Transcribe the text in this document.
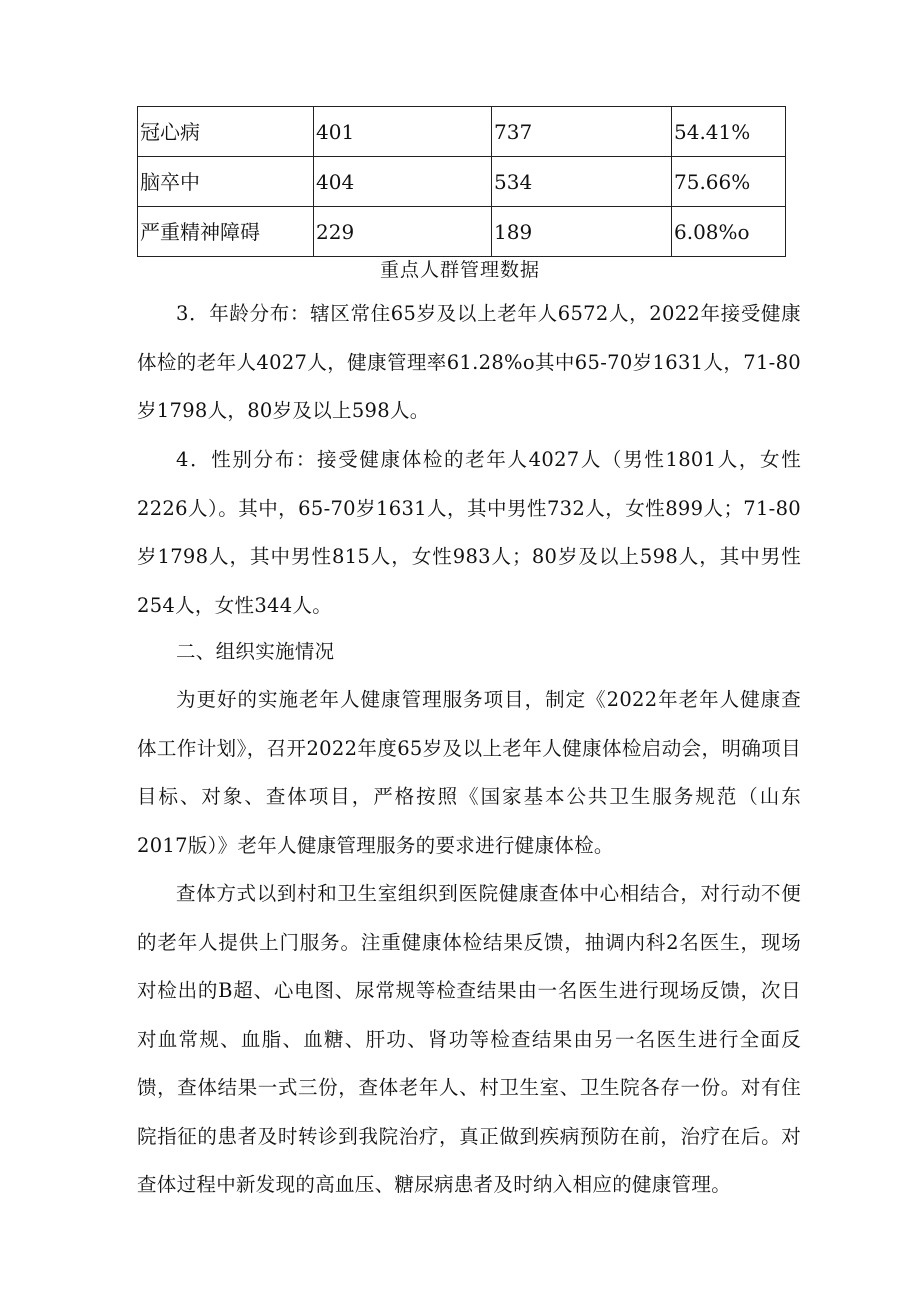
冠心病	401	737	54.41%
脑卒中	404	534	75.66%
严重精神障碍	229	189	6.08%o
重点人群管理数据

3．年龄分布：辖区常住65岁及以上老年人6572人，2022年接受健康体检的老年人4027人，健康管理率61.28%o其中65-70岁1631人，71-80岁1798人，80岁及以上598人。

4．性别分布：接受健康体检的老年人4027人（男性1801人，女性2226人）。其中，65-70岁1631人，其中男性732人，女性899人；71-80岁1798人，其中男性815人，女性983人；80岁及以上598人，其中男性254人，女性344人。

二、组织实施情况

为更好的实施老年人健康管理服务项目，制定《2022年老年人健康查体工作计划》，召开2022年度65岁及以上老年人健康体检启动会，明确项目目标、对象、查体项目，严格按照《国家基本公共卫生服务规范（山东2017版）》老年人健康管理服务的要求进行健康体检。

查体方式以到村和卫生室组织到医院健康查体中心相结合，对行动不便的老年人提供上门服务。注重健康体检结果反馈，抽调内科2名医生，现场对检出的B超、心电图、尿常规等检查结果由一名医生进行现场反馈，次日对血常规、血脂、血糖、肝功、肾功等检查结果由另一名医生进行全面反馈，查体结果一式三份，查体老年人、村卫生室、卫生院各存一份。对有住院指征的患者及时转诊到我院治疗，真正做到疾病预防在前，治疗在后。对查体过程中新发现的高血压、糖尿病患者及时纳入相应的健康管理。
